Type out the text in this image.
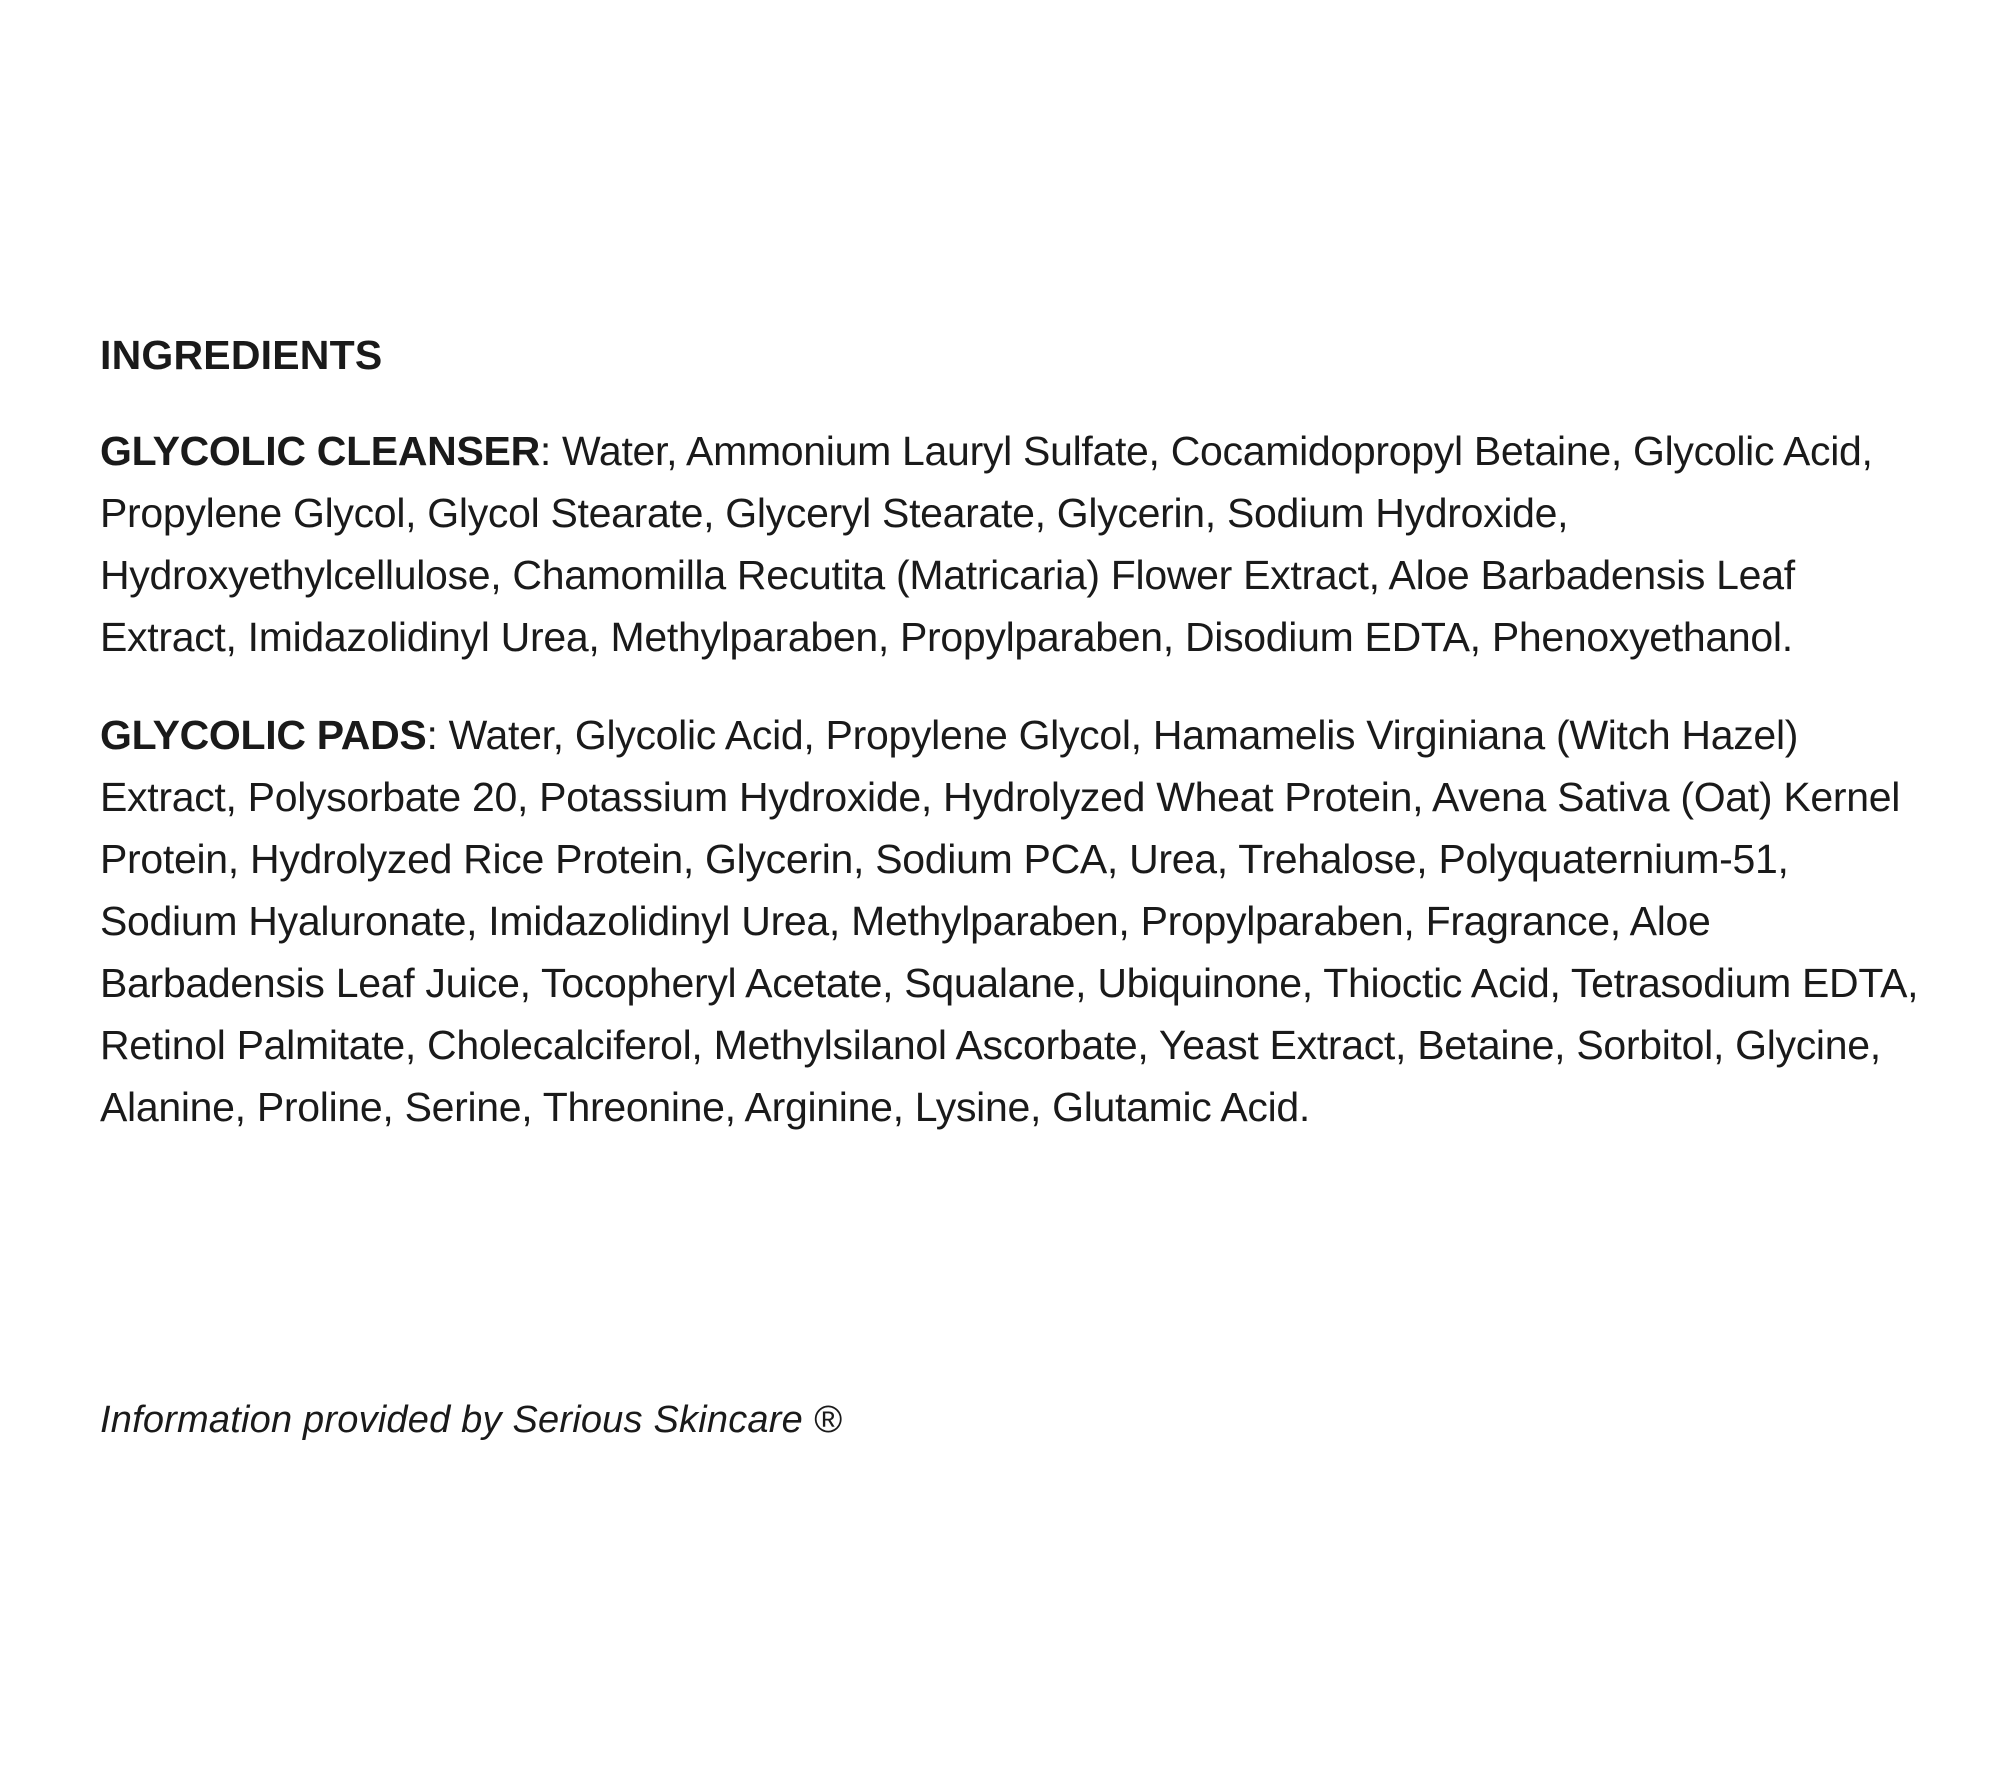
INGREDIENTS

GLYCOLIC CLEANSER: Water, Ammonium Lauryl Sulfate, Cocamidopropyl Betaine, Glycolic Acid, Propylene Glycol, Glycol Stearate, Glyceryl Stearate, Glycerin, Sodium Hydroxide, Hydroxyethylcellulose, Chamomilla Recutita (Matricaria) Flower Extract, Aloe Barbadensis Leaf Extract, Imidazolidinyl Urea, Methylparaben, Propylparaben, Disodium EDTA, Phenoxyethanol.

GLYCOLIC PADS: Water, Glycolic Acid, Propylene Glycol, Hamamelis Virginiana (Witch Hazel) Extract, Polysorbate 20, Potassium Hydroxide, Hydrolyzed Wheat Protein, Avena Sativa (Oat) Kernel Protein, Hydrolyzed Rice Protein, Glycerin, Sodium PCA, Urea, Trehalose, Polyquaternium-51, Sodium Hyaluronate, Imidazolidinyl Urea, Methylparaben, Propylparaben, Fragrance, Aloe Barbadensis Leaf Juice, Tocopheryl Acetate, Squalane, Ubiquinone, Thioctic Acid, Tetrasodium EDTA, Retinol Palmitate, Cholecalciferol, Methylsilanol Ascorbate, Yeast Extract, Betaine, Sorbitol, Glycine, Alanine, Proline, Serine, Threonine, Arginine, Lysine, Glutamic Acid.

Information provided by Serious Skincare ®
